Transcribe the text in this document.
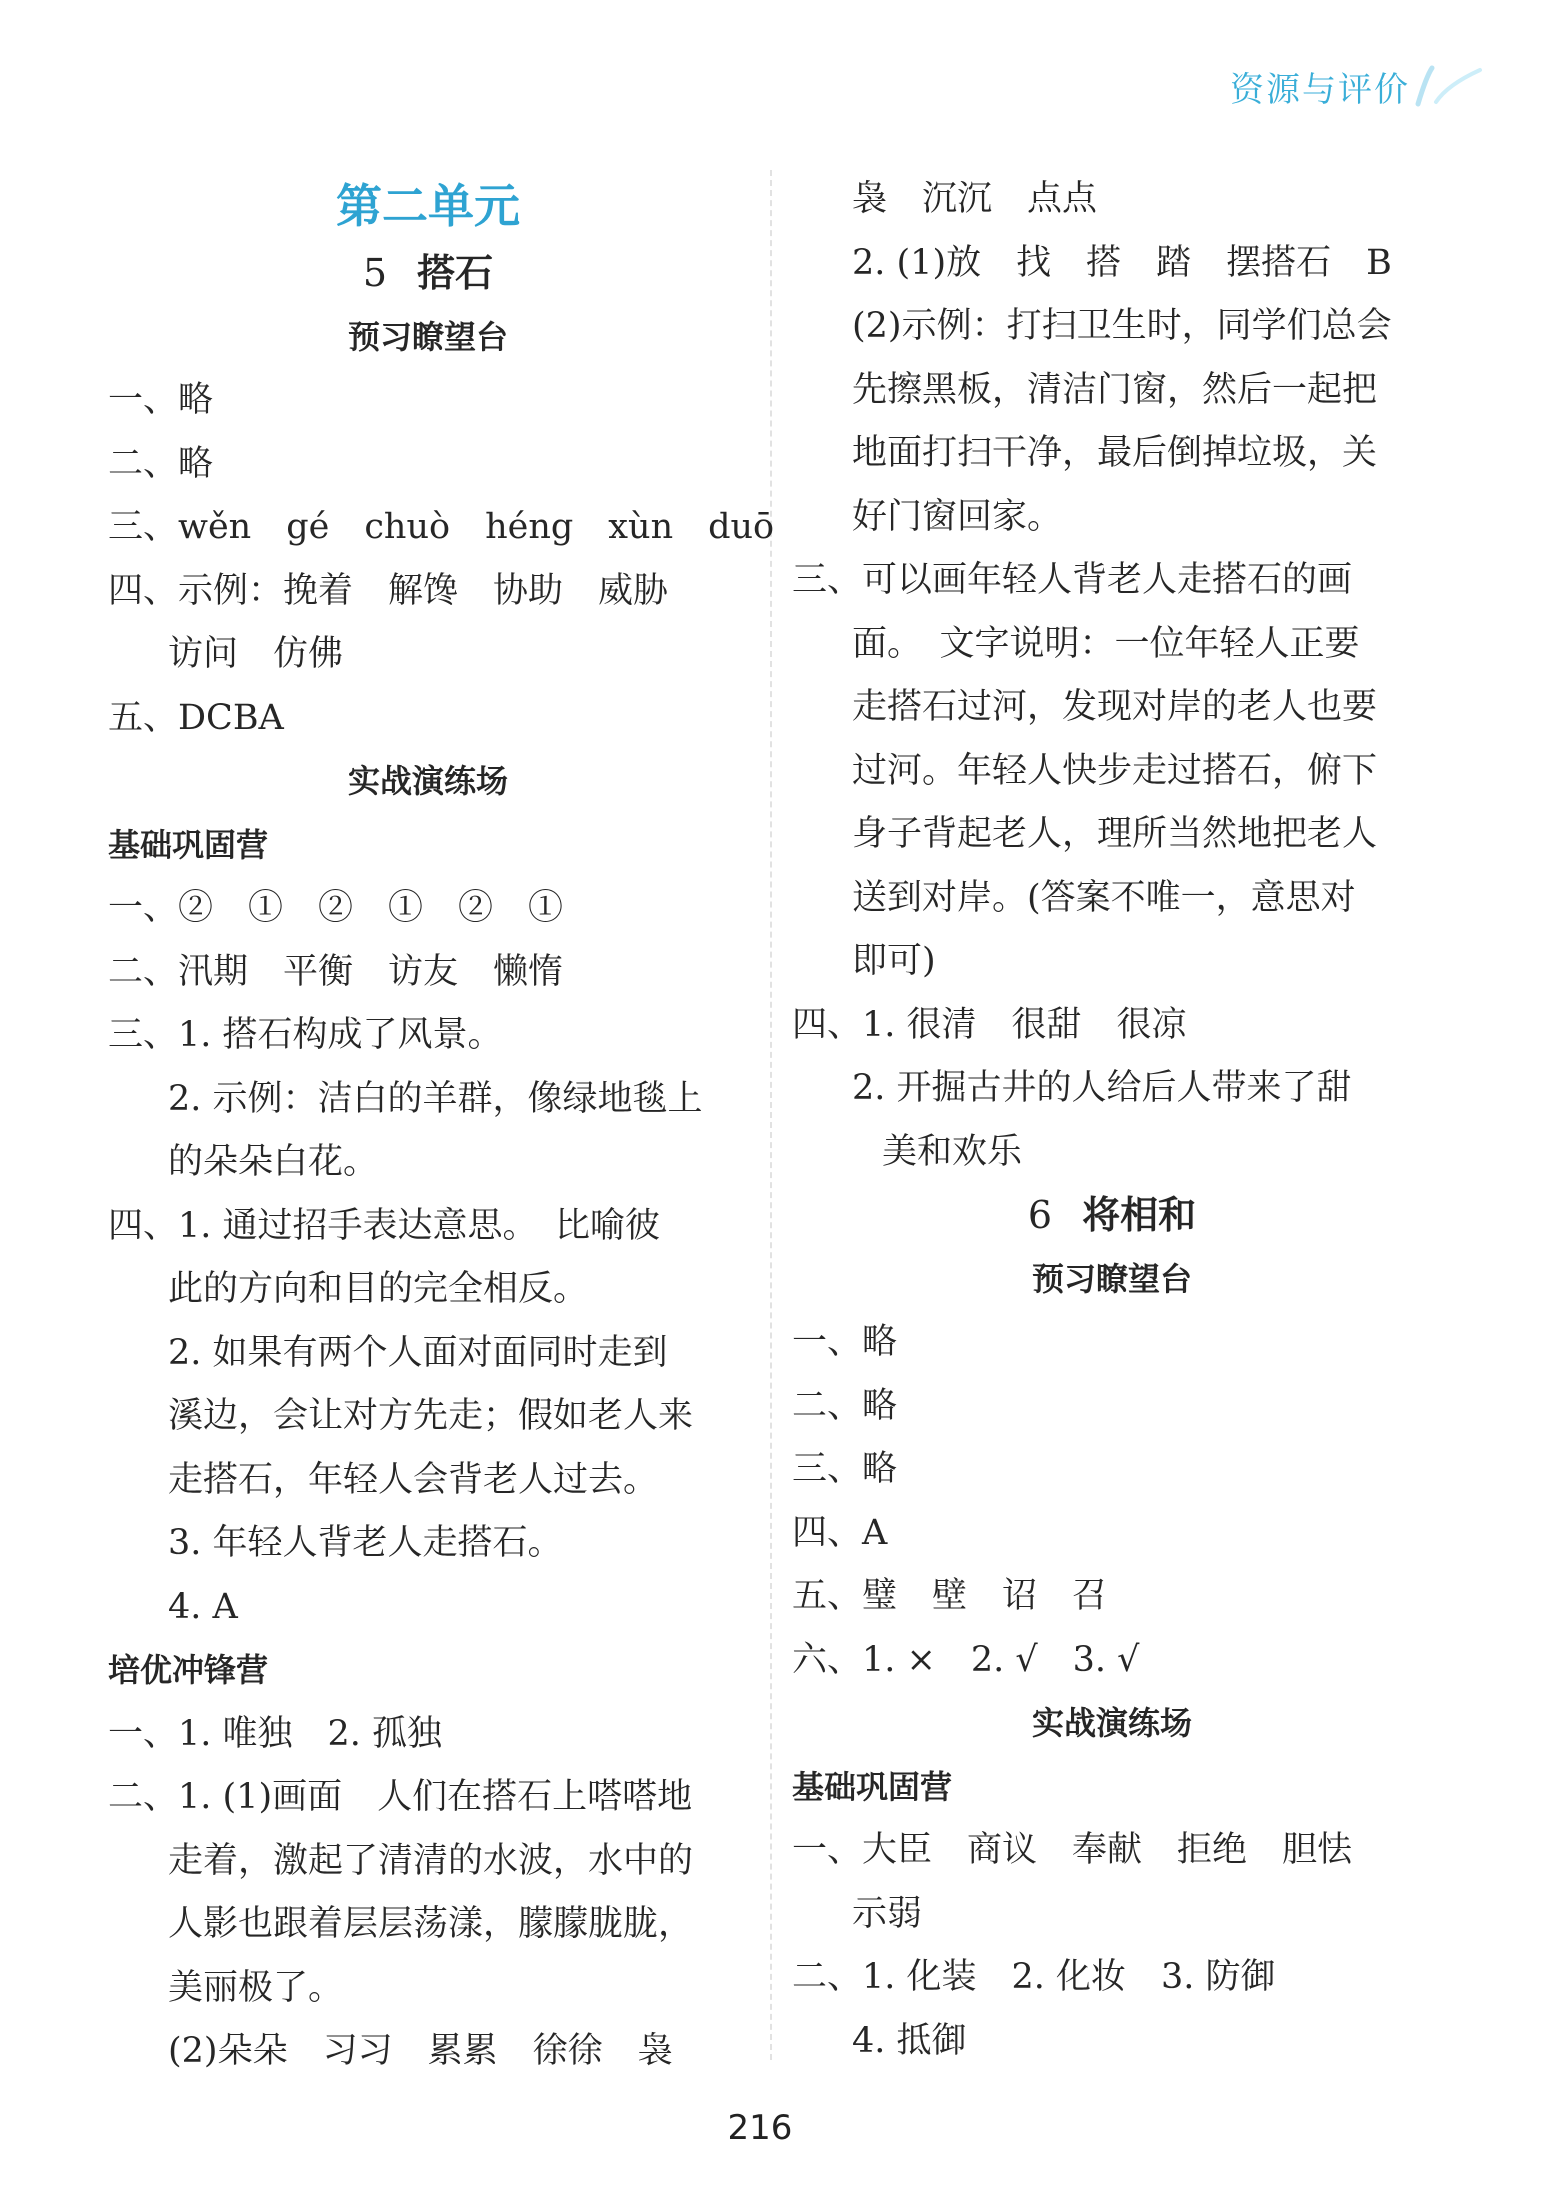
资源与评价
第二单元
5 搭石
预习瞭望台
一、略
二、略
三、wěn　gé　chuò　héng　xùn　duō
四、示例：挽着　解馋　协助　威胁
访问　仿佛
五、DCBA
实战演练场
基础巩固营
一、②　①　②　①　②　①
二、汛期　平衡　访友　懒惰
三、1. 搭石构成了风景。
2. 示例：洁白的羊群，像绿地毯上
的朵朵白花。
四、1. 通过招手表达意思。　比喻彼
此的方向和目的完全相反。
2. 如果有两个人面对面同时走到
溪边，会让对方先走；假如老人来
走搭石，年轻人会背老人过去。
3. 年轻人背老人走搭石。
4. A
培优冲锋营
一、1. 唯独　2. 孤独
二、1. (1)画面　人们在搭石上嗒嗒地
走着，激起了清清的水波，水中的
人影也跟着层层荡漾，朦朦胧胧，
美丽极了。
(2)朵朵　习习　累累　徐徐　袅
袅　沉沉　点点
2. (1)放　找　搭　踏　摆搭石　B
(2)示例：打扫卫生时，同学们总会
先擦黑板，清洁门窗，然后一起把
地面打扫干净，最后倒掉垃圾，关
好门窗回家。
三、可以画年轻人背老人走搭石的画
面。　文字说明：一位年轻人正要
走搭石过河，发现对岸的老人也要
过河。年轻人快步走过搭石，俯下
身子背起老人，理所当然地把老人
送到对岸。(答案不唯一，意思对
即可)
四、1. 很清　很甜　很凉
2. 开掘古井的人给后人带来了甜
美和欢乐
6 将相和
预习瞭望台
一、略
二、略
三、略
四、A
五、璧　壁　诏　召
六、1. ×　2. √　3. √
实战演练场
基础巩固营
一、大臣　商议　奉献　拒绝　胆怯
示弱
二、1. 化装　2. 化妆　3. 防御
4. 抵御
216
